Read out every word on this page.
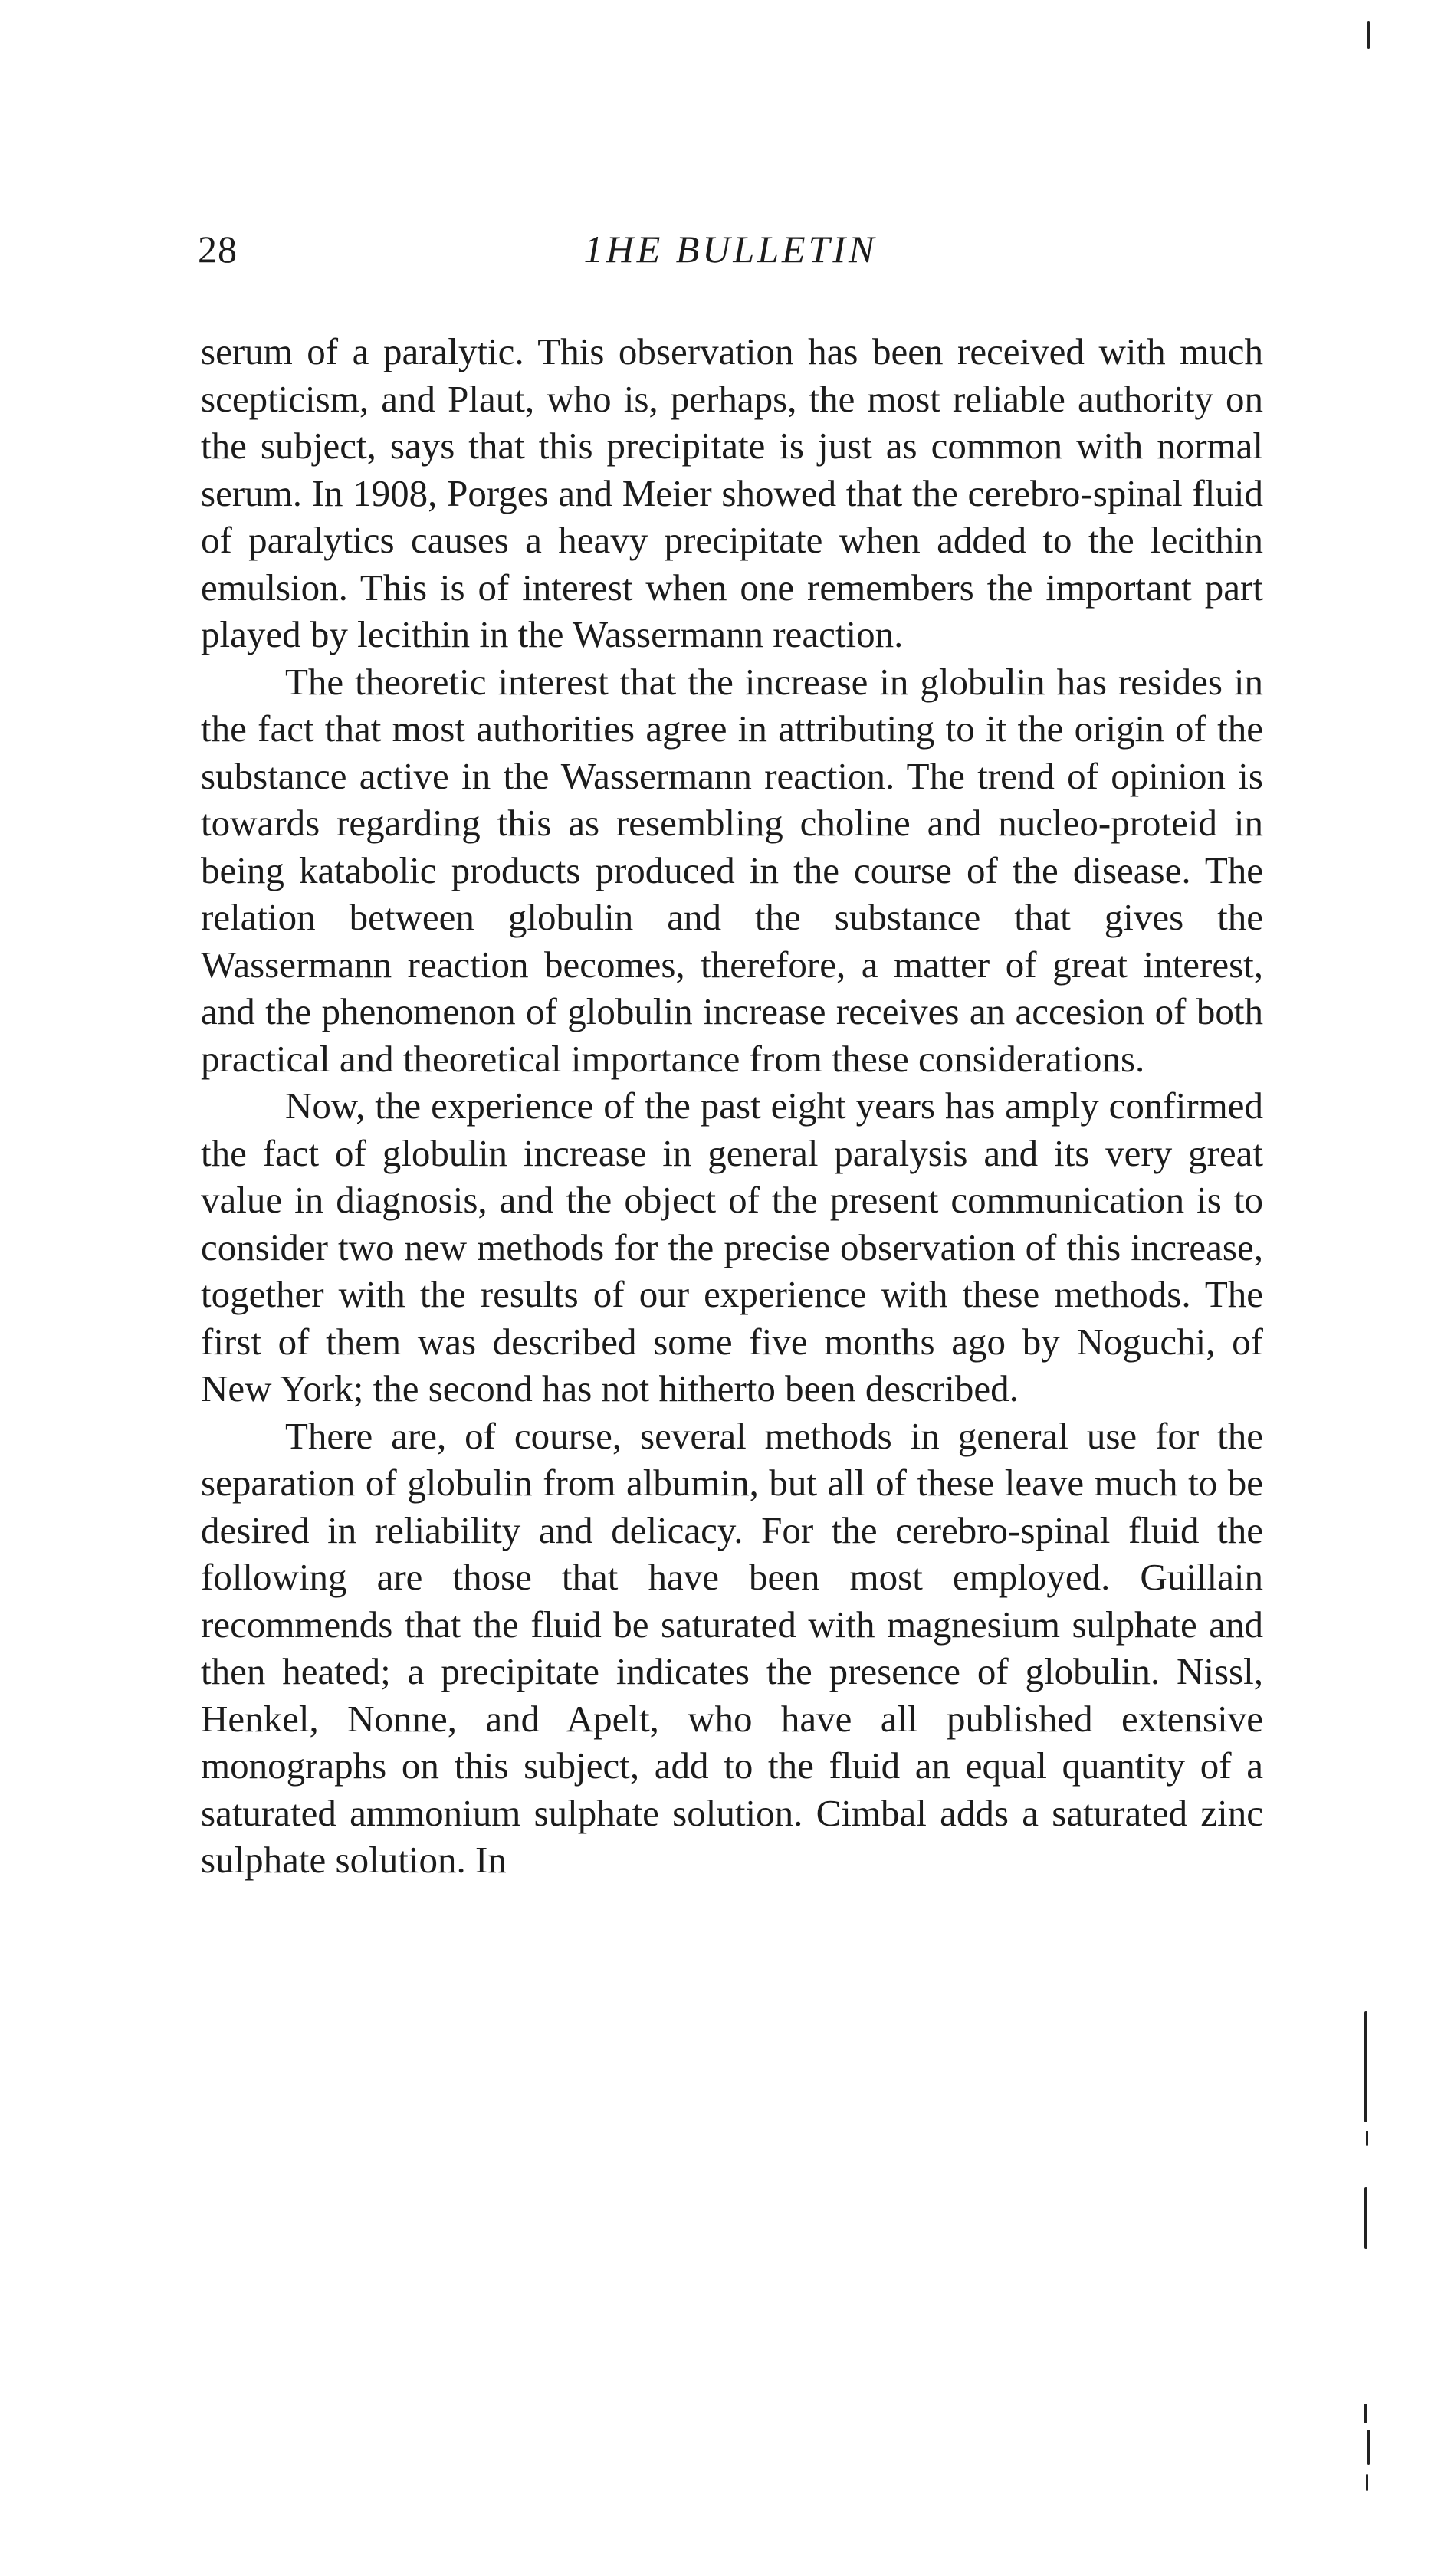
28	1HE BULLETIN

serum of a paralytic. This observation has been received with much scepticism, and Plaut, who is, perhaps, the most reliable authority on the subject, says that this precipitate is just as common with normal serum. In 1908, Porges and Meier showed that the cerebro-spinal fluid of paralytics causes a heavy precipitate when added to the lecithin emulsion. This is of interest when one remembers the important part played by lecithin in the Wassermann reaction.

The theoretic interest that the increase in globulin has resides in the fact that most authorities agree in attributing to it the origin of the substance active in the Wassermann reaction. The trend of opinion is towards regarding this as resembling choline and nucleo-proteid in being katabolic products produced in the course of the disease. The relation between globulin and the substance that gives the Wassermann reaction becomes, therefore, a matter of great interest, and the phenomenon of globulin increase receives an accesion of both practical and theoretical importance from these considerations.

Now, the experience of the past eight years has amply confirmed the fact of globulin increase in general paralysis and its very great value in diagnosis, and the object of the present communication is to consider two new methods for the precise observation of this increase, together with the results of our experience with these methods. The first of them was described some five months ago by Noguchi, of New York; the second has not hitherto been described.

There are, of course, several methods in general use for the separation of globulin from albumin, but all of these leave much to be desired in reliability and delicacy. For the cerebro-spinal fluid the following are those that have been most employed. Guillain recommends that the fluid be saturated with magnesium sulphate and then heated; a precipitate indicates the presence of globulin. Nissl, Henkel, Nonne, and Apelt, who have all published extensive monographs on this subject, add to the fluid an equal quantity of a saturated ammonium sulphate solution. Cimbal adds a saturated zinc sulphate solution. In
